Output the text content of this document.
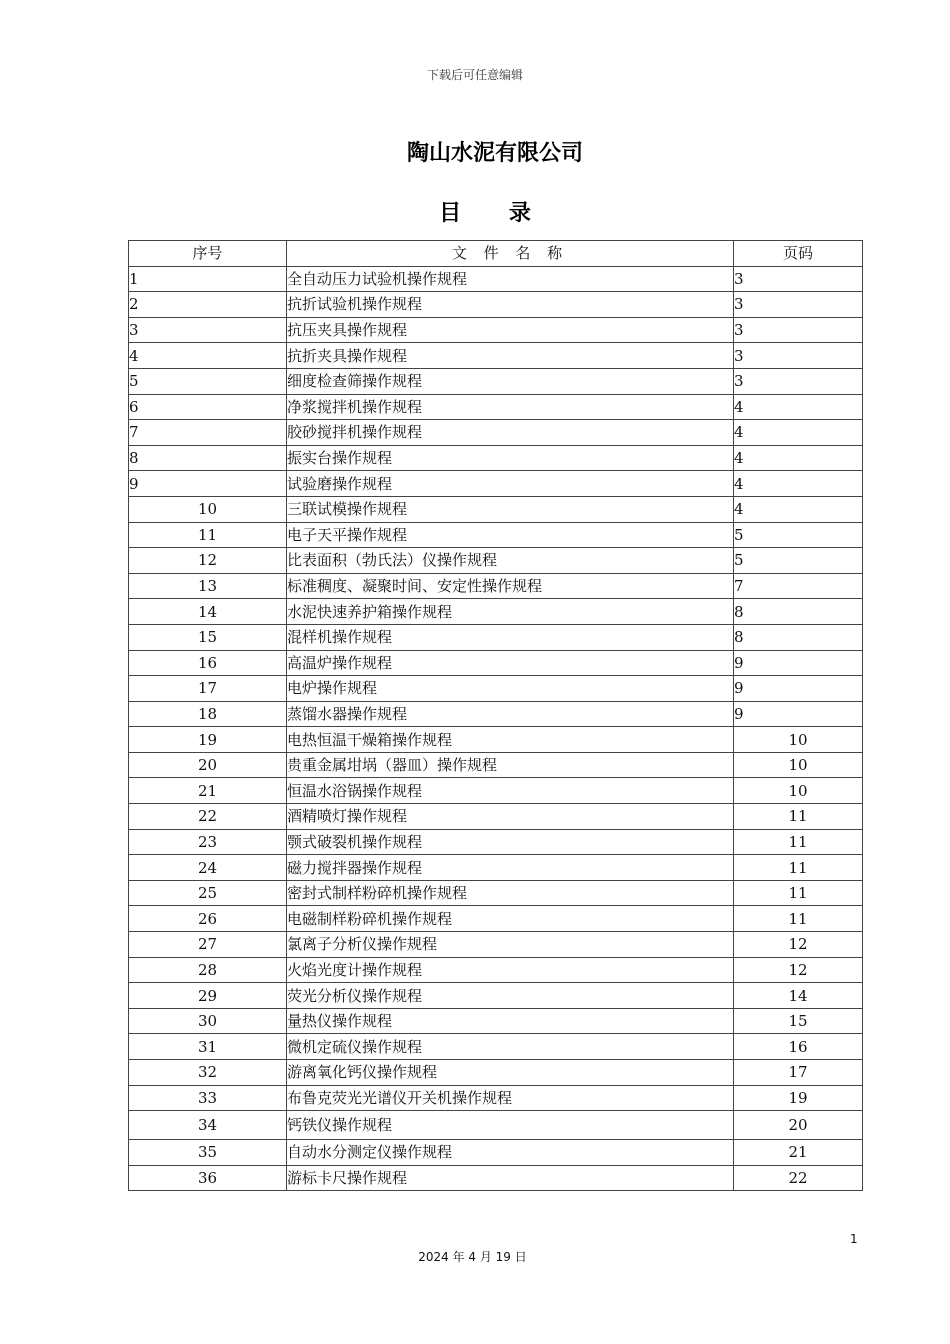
下载后可任意编辑
陶山水泥有限公司
目 录
序号	文 件 名 称	页码
1	全自动压力试验机操作规程	3
2	抗折试验机操作规程	3
3	抗压夹具操作规程	3
4	抗折夹具操作规程	3
5	细度检查筛操作规程	3
6	净浆搅拌机操作规程	4
7	胶砂搅拌机操作规程	4
8	振实台操作规程	4
9	试验磨操作规程	4
10	三联试模操作规程	4
11	电子天平操作规程	5
12	比表面积（勃氏法）仪操作规程	5
13	标准稠度、凝聚时间、安定性操作规程	7
14	水泥快速养护箱操作规程	8
15	混样机操作规程	8
16	高温炉操作规程	9
17	电炉操作规程	9
18	蒸馏水器操作规程	9
19	电热恒温干燥箱操作规程	10
20	贵重金属坩埚（器皿）操作规程	10
21	恒温水浴锅操作规程	10
22	酒精喷灯操作规程	11
23	颚式破裂机操作规程	11
24	磁力搅拌器操作规程	11
25	密封式制样粉碎机操作规程	11
26	电磁制样粉碎机操作规程	11
27	氯离子分析仪操作规程	12
28	火焰光度计操作规程	12
29	荧光分析仪操作规程	14
30	量热仪操作规程	15
31	微机定硫仪操作规程	16
32	游离氧化钙仪操作规程	17
33	布鲁克荧光光谱仪开关机操作规程	19
34	钙铁仪操作规程	20
35	自动水分测定仪操作规程	21
36	游标卡尺操作规程	22
1
2024 年 4 月 19 日
